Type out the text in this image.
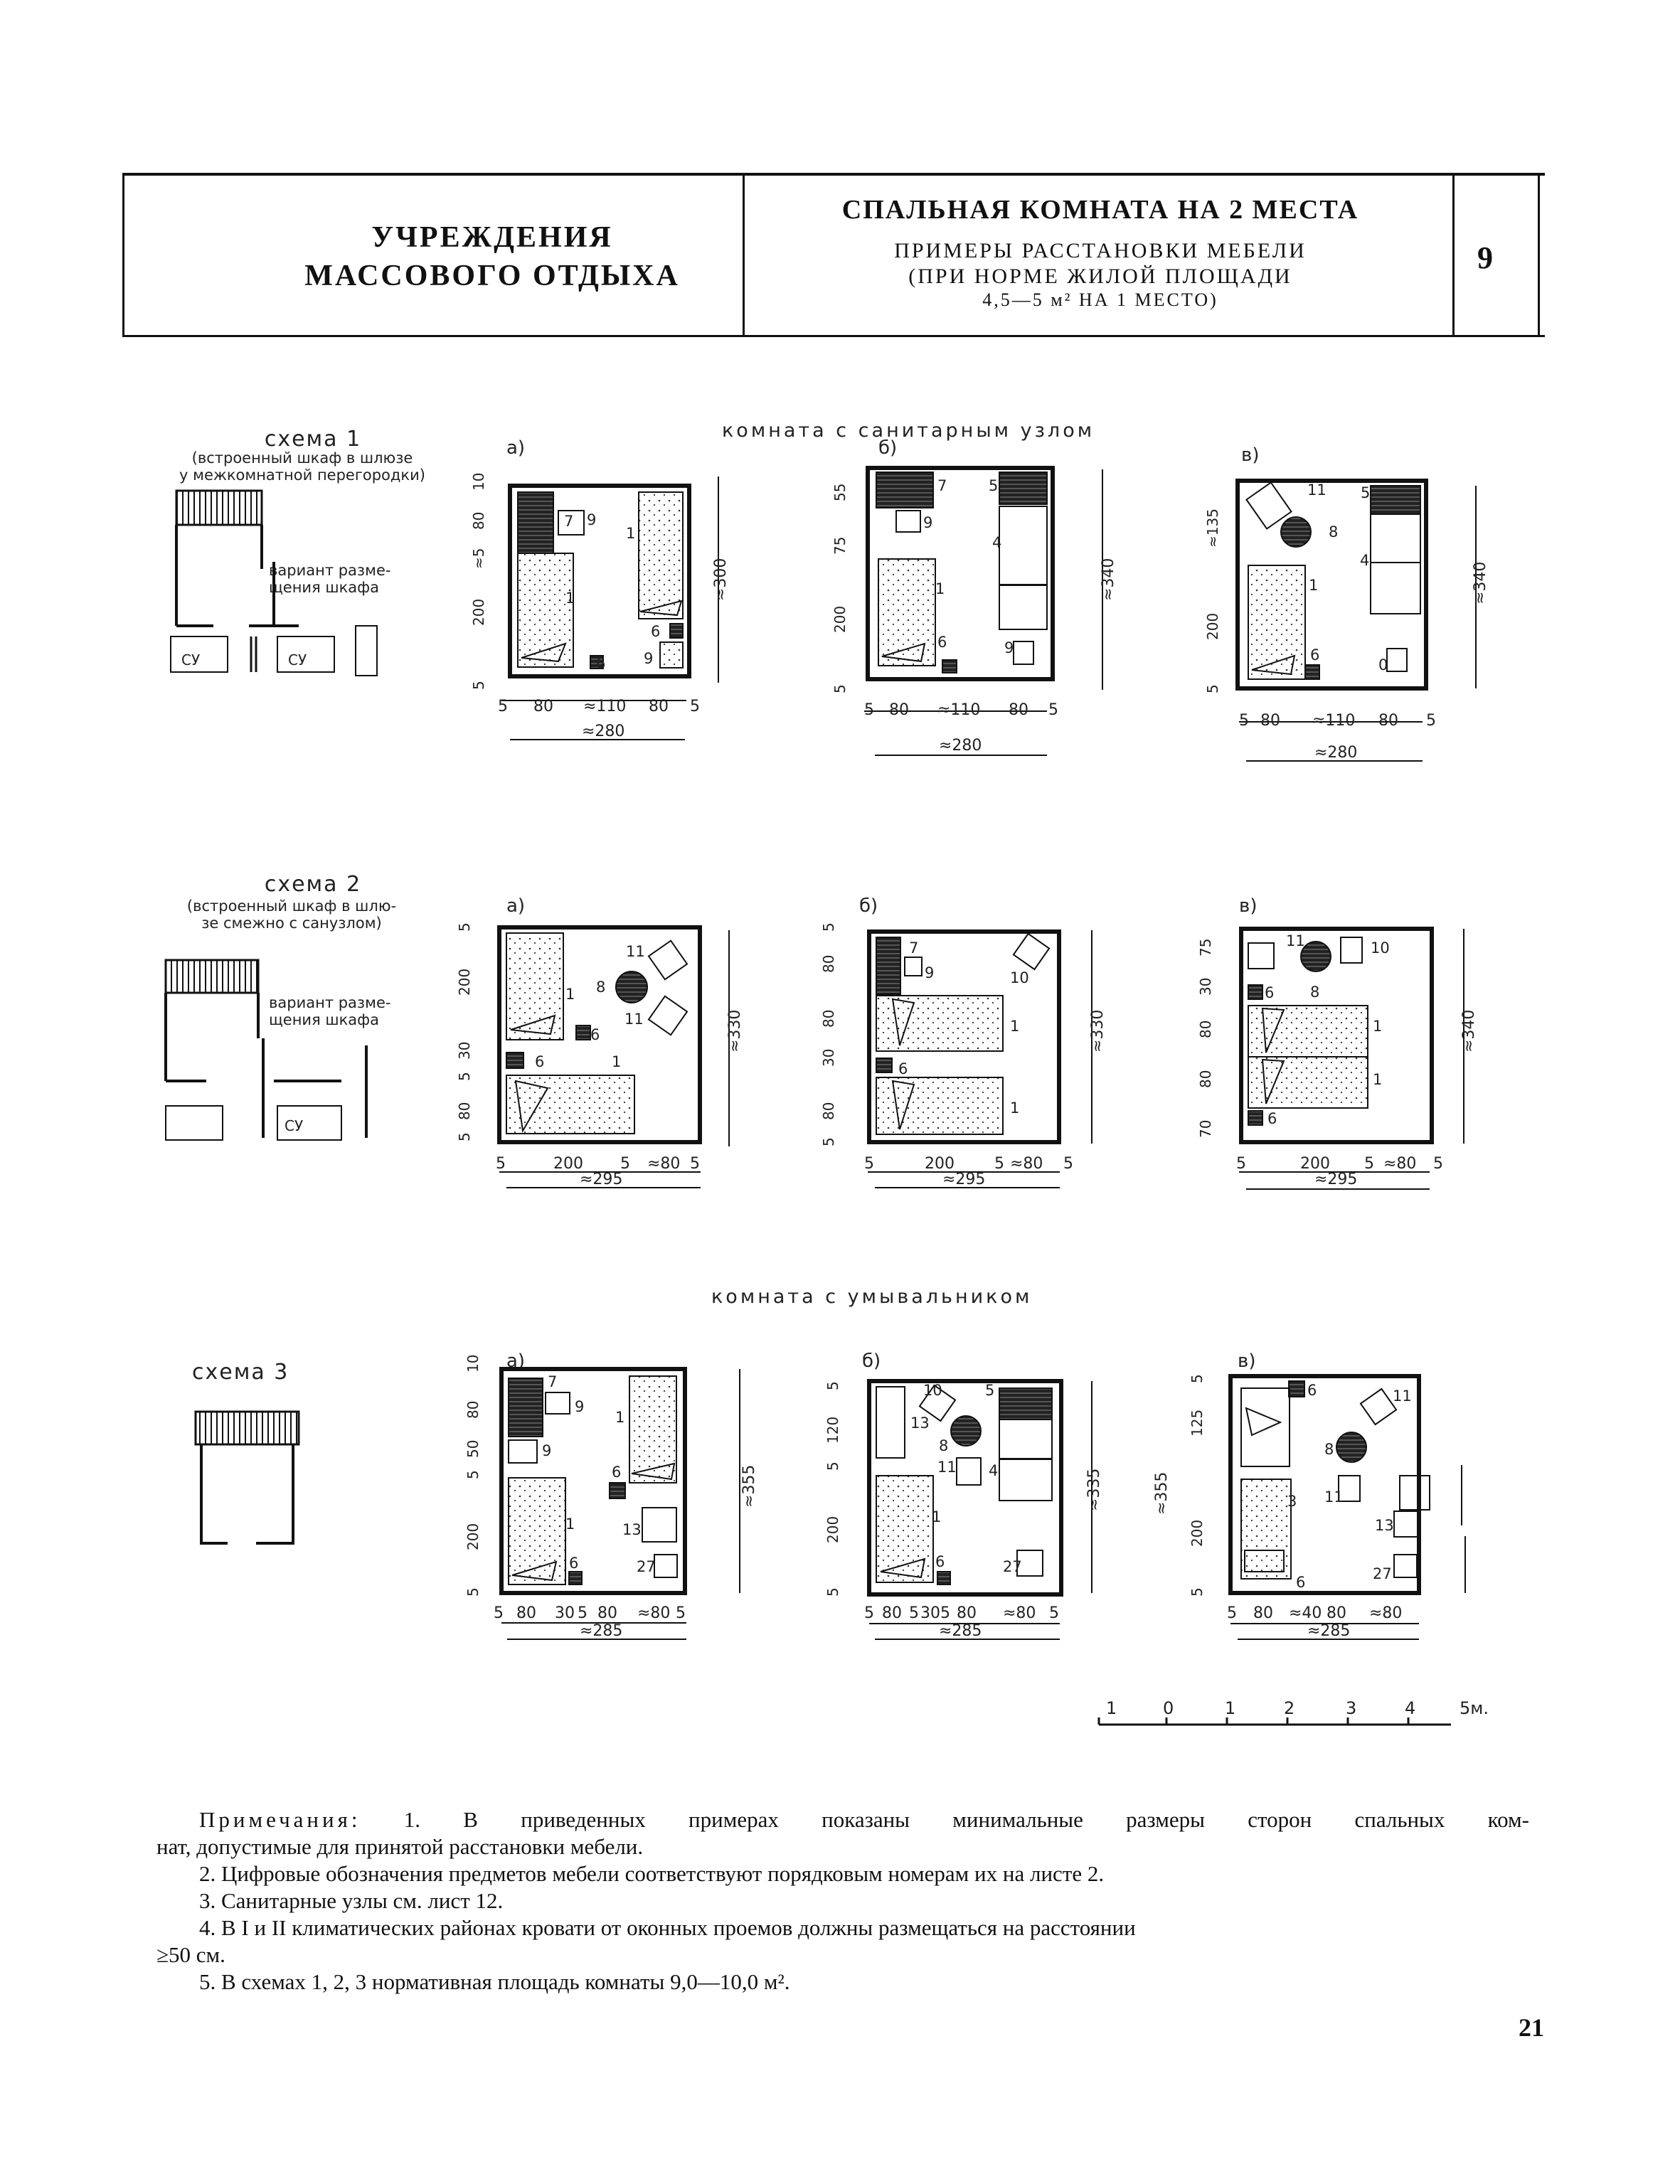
УЧРЕЖДЕНИЯ
МАССОВОГО ОТДЫХА
СПАЛЬНАЯ КОМНАТА НА 2 МЕСТА
ПРИМЕРЫ РАССТАНОВКИ МЕБЕЛИ
(ПРИ НОРМЕ ЖИЛОЙ ПЛОЩАДИ
4,5—5 м² НА 1 МЕСТО)
9
комната с санитарным узлом
комната с умывальником
схема 1
(встроенный шкаф в шлюзе
у межкомнатной перегородки)
вариант разме-
щения шкафа
схема 2
(встроенный шкаф в шлю-
зе смежно с санузлом)
вариант разме-
щения шкафа
схема 3
СУ	СУ
СУ
а)
7 9
1
1
6
6
9
80 ≈110 80
5	5
≈280
≈300
10
80
≈5
200
5
б)
7
9
5
4
1
6	9
5 80 ≈110 80 5
≈280
≈340
55
75
200
5
в)
11
8
5
4
1
6
0
5 80 ≈110 80 5
≈280
≈340
≈135
200
5
а)
11
8
11
1
6
6	1
5	200 5 ≈80 5
≈295
≈330
5
200
30
5
80
5
б)
7
9	10
1
6
1
5	200	5 ≈80 5
≈295
≈330
5
80
80
30
80
5
в)
11	10
6 8
1
1
6
5	200 5 ≈80 5
≈295
≈340
75
30
80
80
70
а)
7
9
9
1
1
6
6
13
27
5 80 30 5 80 ≈80 5
≈285
≈355
10
80
50
5
200
5
б)
10	5
13
8
11 4
1
6	27
5 80 5 30 5 80 ≈80 5
≈285
≈335
5
120
5
200
5
в)
6	11
8
11
13
6	27
3
5 80 ≈40 80 ≈80
≈285
≈355
5
125
200
5
1	0	1	2	3	4	5м.

Примечания: 1. В приведенных примерах показаны минимальные размеры сторон спальных ком-

нат, допустимые для принятой расстановки мебели.

2. Цифровые обозначения предметов мебели соответствуют порядковым номерам их на листе 2.

3. Санитарные узлы см. лист 12.

4. В I и II климатических районах кровати от оконных проемов должны размещаться на расстоянии

≥50 см.

5. В схемах 1, 2, 3 нормативная площадь комнаты 9,0—10,0 м².

21
